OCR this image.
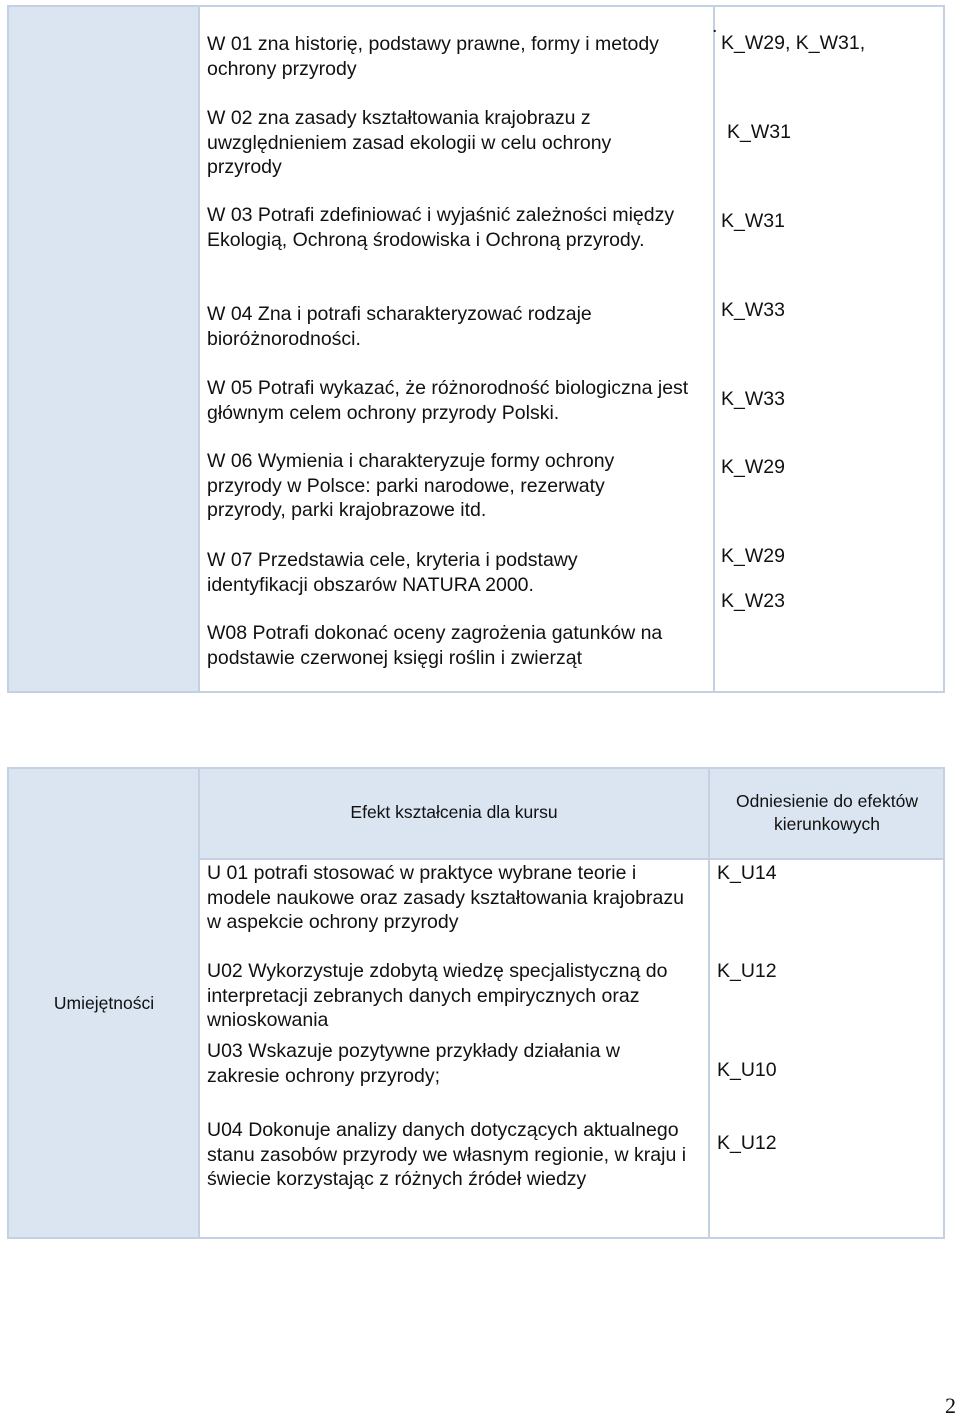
W 01 zna historię, podstawy prawne, formy i metody ochrony przyrody
W 02 zna zasady kształtowania krajobrazu z uwzględnieniem zasad ekologii w celu ochrony przyrody
W 03 Potrafi zdefiniować i wyjaśnić zależności między Ekologią, Ochroną środowiska i Ochroną przyrody.
W 04 Zna i potrafi scharakteryzować rodzaje bioróżnorodności.
W 05 Potrafi wykazać, że różnorodność biologiczna jest głównym celem ochrony przyrody Polski.
W 06 Wymienia i charakteryzuje formy ochrony przyrody w Polsce: parki narodowe, rezerwaty przyrody, parki krajobrazowe itd.
W 07 Przedstawia cele, kryteria i podstawy identyfikacji obszarów NATURA 2000.
W08 Potrafi dokonać oceny zagrożenia gatunków na podstawie czerwonej księgi roślin i zwierząt
.
K_W29, K_W31,
K_W31
K_W31
K_W33
K_W33
K_W29
K_W29
K_W23
Efekt kształcenia dla kursu
Odniesienie do efektów kierunkowych
Umiejętności
U 01 potrafi stosować w praktyce wybrane teorie i modele naukowe oraz zasady kształtowania krajobrazu w aspekcie ochrony przyrody
U02 Wykorzystuje zdobytą wiedzę specjalistyczną do interpretacji zebranych danych empirycznych oraz wnioskowania
U03 Wskazuje pozytywne przykłady działania w zakresie ochrony przyrody;
U04 Dokonuje analizy danych dotyczących aktualnego stanu zasobów przyrody we własnym regionie, w kraju i świecie korzystając z różnych źródeł wiedzy
K_U14
K_U12
K_U10
K_U12
2
